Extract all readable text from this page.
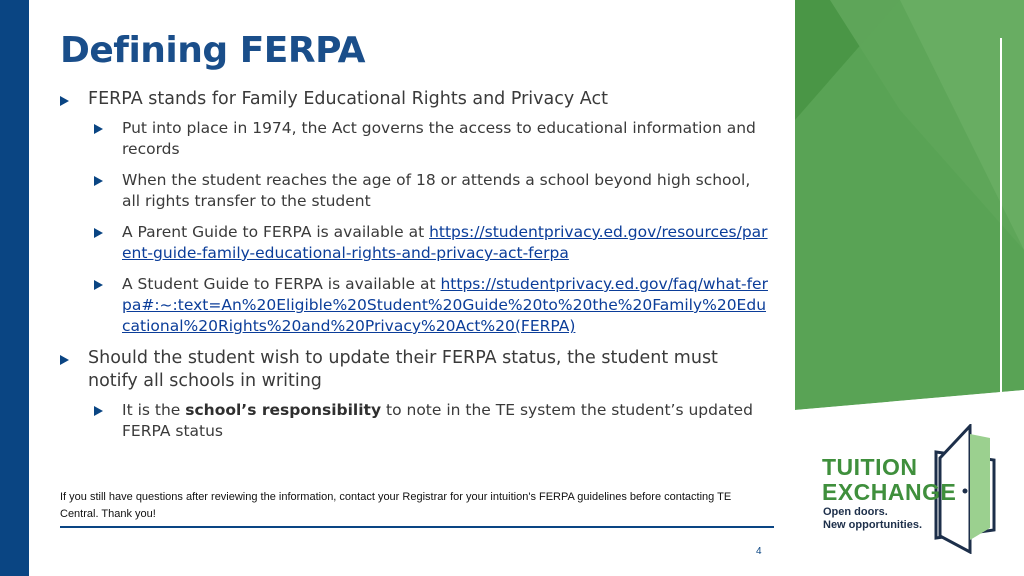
Defining FERPA
FERPA stands for Family Educational Rights and Privacy Act
Put into place in 1974, the Act governs the access to educational information and records
When the student reaches the age of 18 or attends a school beyond high school, all rights transfer to the student
A Parent Guide to FERPA is available at https://studentprivacy.ed.gov/resources/parent-guide-family-educational-rights-and-privacy-act-ferpa
A Student Guide to FERPA is available at https://studentprivacy.ed.gov/faq/what-ferpa#:~:text=An%20Eligible%20Student%20Guide%20to%20the%20Family%20Educational%20Rights%20and%20Privacy%20Act%20(FERPA)
Should the student wish to update their FERPA status, the student must notify all schools in writing
It is the school’s responsibility to note in the TE system the student’s updated FERPA status
If you still have questions after reviewing the information, contact your Registrar for your intuition's FERPA guidelines before contacting TE Central. Thank you!
4
TUITION
EXCHANGE
Open doors.
New opportunities.
